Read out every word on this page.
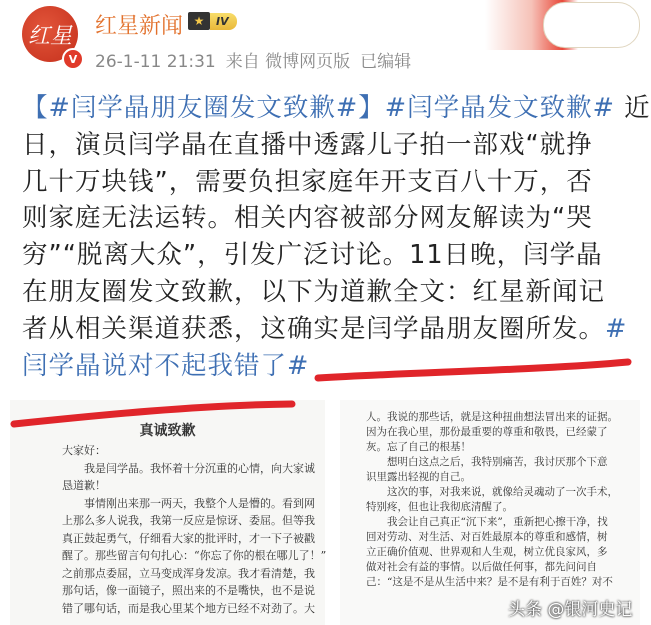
红星
V
红星新闻 ★	IV
26-1-11 21:31 来自 微博网页版 已编辑
【#闫学晶朋友圈发文致歉#】#闫学晶发文致歉# 近
日，演员闫学晶在直播中透露儿子拍一部戏“就挣
几十万块钱”，需要负担家庭年开支百八十万，否
则家庭无法运转。相关内容被部分网友解读为“哭
穷”“脱离大众”，引发广泛讨论。11日晚，闫学晶
在朋友圈发文致歉，以下为道歉全文：红星新闻记
者从相关渠道获悉，这确实是闫学晶朋友圈所发。#
闫学晶说对不起我错了#
真诚致歉
大家好：
　　我是闫学晶。我怀着十分沉重的心情，向大家诚
恳道歉！
　　事情刚出来那一两天，我整个人是懵的。看到网
上那么多人说我，我第一反应是惊讶、委屈。但等我
真正鼓起勇气，仔细看大家的批评时，才一下子被戳
醒了。那些留言句句扎心：“你忘了你的根在哪儿了！”
之前那点委屈，立马变成浑身发凉。我才看清楚，我
那句话，像一面镜子，照出来的不是嘴快，也不是说
错了哪句话，而是我心里某个地方已经不对劲了。大
人。我说的那些话，就是这种扭曲想法冒出来的证据。
因为在我心里，那份最重要的尊重和敬畏，已经蒙了
灰。忘了自己的根基！
　　想明白这点之后，我特别痛苦，我讨厌那个下意
识里露出轻视的自己。
　　这次的事，对我来说，就像给灵魂动了一次手术，
特别疼，但也让我彻底清醒了。
　　我会让自己真正“沉下来”，重新把心擦干净，找
回对劳动、对生活、对百姓最原本的尊重和感情，树
立正确价值观、世界观和人生观，树立优良家风，多
做对社会有益的事情。以后做任何事，都先问问自
己：“这是不是从生活中来？是不是有利于百姓？对不
头条 @银河史记
